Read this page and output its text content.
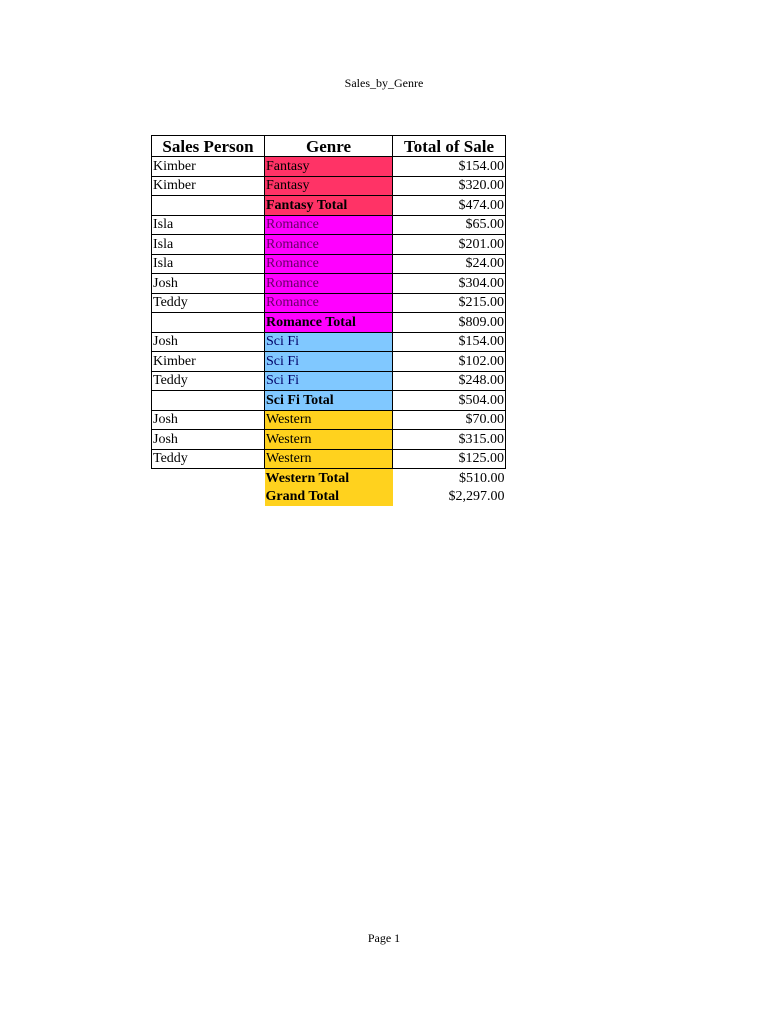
Sales_by_Genre
Sales Person	Genre	Total of Sale
Kimber	Fantasy	$154.00
Kimber	Fantasy	$320.00
	Fantasy Total	$474.00
Isla	Romance	$65.00
Isla	Romance	$201.00
Isla	Romance	$24.00
Josh	Romance	$304.00
Teddy	Romance	$215.00
	Romance Total	$809.00
Josh	Sci Fi	$154.00
Kimber	Sci Fi	$102.00
Teddy	Sci Fi	$248.00
	Sci Fi Total	$504.00
Josh	Western	$70.00
Josh	Western	$315.00
Teddy	Western	$125.00
	Western Total	$510.00
	Grand Total	$2,297.00
Page 1
